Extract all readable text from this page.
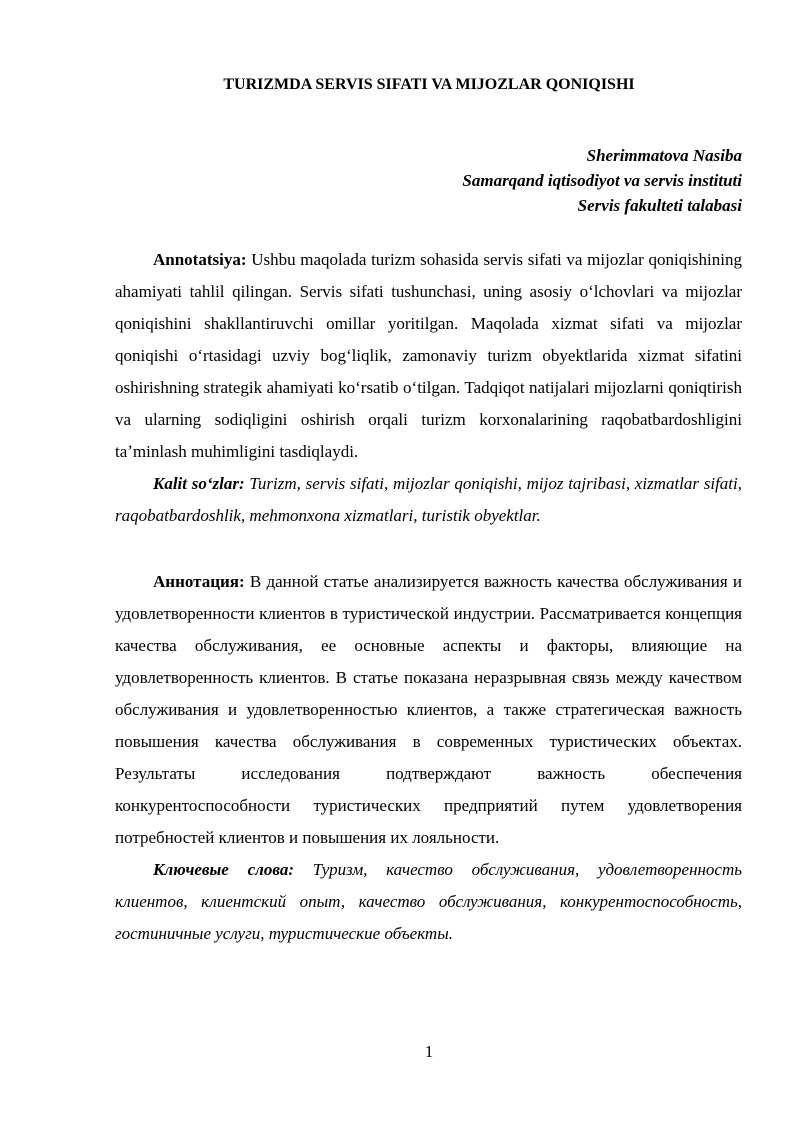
TURIZMDA SERVIS SIFATI VA MIJOZLAR QONIQISHI
Sherimmatova Nasiba
Samarqand iqtisodiyot va servis instituti
Servis fakulteti talabasi

Annotatsiya: Ushbu maqolada turizm sohasida servis sifati va mijozlar qoniqishining ahamiyati tahlil qilingan. Servis sifati tushunchasi, uning asosiy oʻlchovlari va mijozlar qoniqishini shakllantiruvchi omillar yoritilgan. Maqolada xizmat sifati va mijozlar qoniqishi oʻrtasidagi uzviy bogʻliqlik, zamonaviy turizm obyektlarida xizmat sifatini oshirishning strategik ahamiyati koʻrsatib oʻtilgan. Tadqiqot natijalari mijozlarni qoniqtirish va ularning sodiqligini oshirish orqali turizm korxonalarining raqobatbardoshligini taʼminlash muhimligini tasdiqlaydi.

Kalit soʻzlar: Turizm, servis sifati, mijozlar qoniqishi, mijoz tajribasi, xizmatlar sifati, raqobatbardoshlik, mehmonxona xizmatlari, turistik obyektlar.

Аннотация: В данной статье анализируется важность качества обслуживания и удовлетворенности клиентов в туристической индустрии. Рассматривается концепция качества обслуживания, ее основные аспекты и факторы, влияющие на удовлетворенность клиентов. В статье показана неразрывная связь между качеством обслуживания и удовлетворенностью клиентов, а также стратегическая важность повышения качества обслуживания в современных туристических объектах. Результаты исследования подтверждают важность обеспечения конкурентоспособности туристических предприятий путем удовлетворения потребностей клиентов и повышения их лояльности.

Ключевые слова: Туризм, качество обслуживания, удовлетворенность клиентов, клиентский опыт, качество обслуживания, конкурентоспособность, гостиничные услуги, туристические объекты.

1
